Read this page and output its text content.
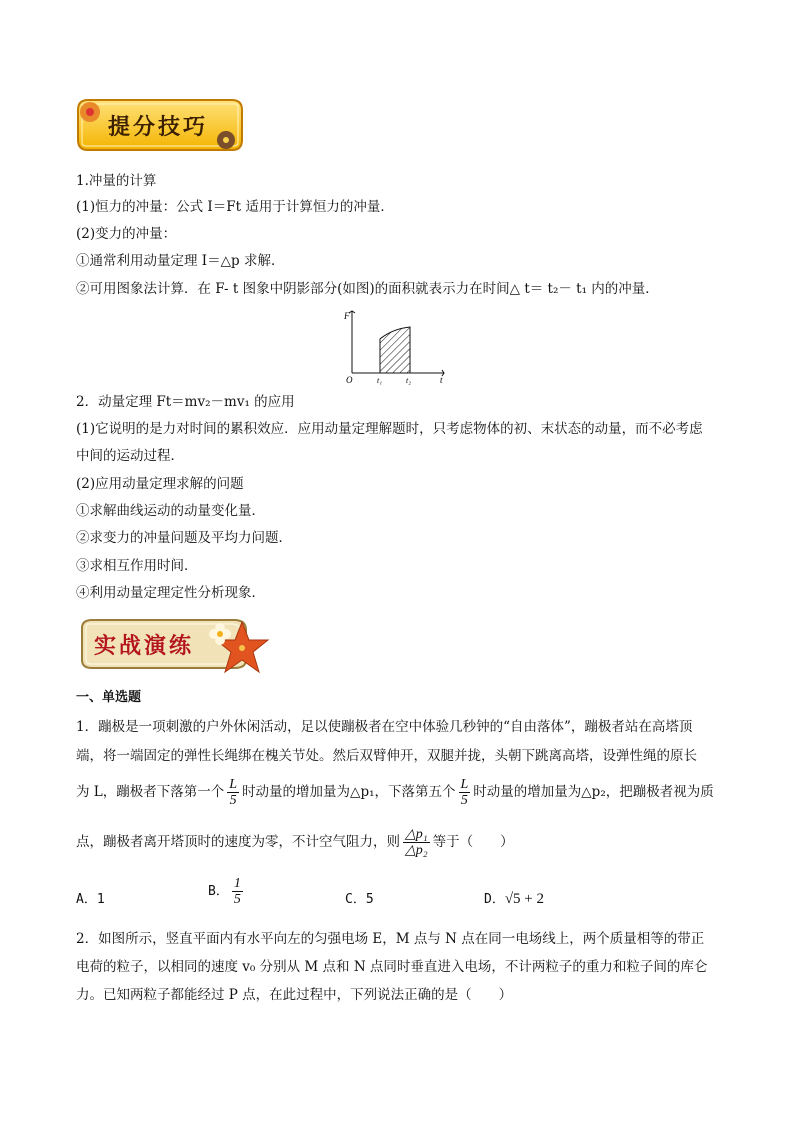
提分技巧
1.冲量的计算
(1)恒力的冲量：公式 I＝Ft 适用于计算恒力的冲量．
(2)变力的冲量：
①通常利用动量定理 I＝△p 求解．
②可用图象法计算．在 F- t 图象中阴影部分(如图)的面积就表示力在时间△ t＝ t₂－ t₁ 内的冲量．
F
t
O	t₁	t₂
2．动量定理 Ft＝mv₂－mv₁ 的应用
(1)它说明的是力对时间的累积效应．应用动量定理解题时，只考虑物体的初、末状态的动量，而不必考虑
中间的运动过程．
(2)应用动量定理求解的问题
①求解曲线运动的动量变化量．
②求变力的冲量问题及平均力问题．
③求相互作用时间．
④利用动量定理定性分析现象．
实战演练
一、单选题
1．蹦极是一项刺激的户外休闲活动，足以使蹦极者在空中体验几秒钟的“自由落体”，蹦极者站在高塔顶
端，将一端固定的弹性长绳绑在槐关节处。然后双臂伸开，双腿并拢，头朝下跳离高塔，设弹性绳的原长
为 L，蹦极者下落第一个 $\frac{L}{5}$ 时动量的增加量为△p₁，下落第五个 $\frac{L}{5}$ 时动量的增加量为△p₂，把蹦极者视为质
点，蹦极者离开塔顶时的速度为零，不计空气阻力，则 $\frac{\text{△p₁}}{\text{△p₂}}$ 等于（　　）
A．1
B． $\frac{1}{5}$	C．5	D．√5 + 2
2．如图所示，竖直平面内有水平向左的匀强电场 E，M 点与 N 点在同一电场线上，两个质量相等的带正
电荷的粒子，以相同的速度 v₀ 分别从 M 点和 N 点同时垂直进入电场，不计两粒子的重力和粒子间的库仑
力。已知两粒子都能经过 P 点，在此过程中，下列说法正确的是（　　）
